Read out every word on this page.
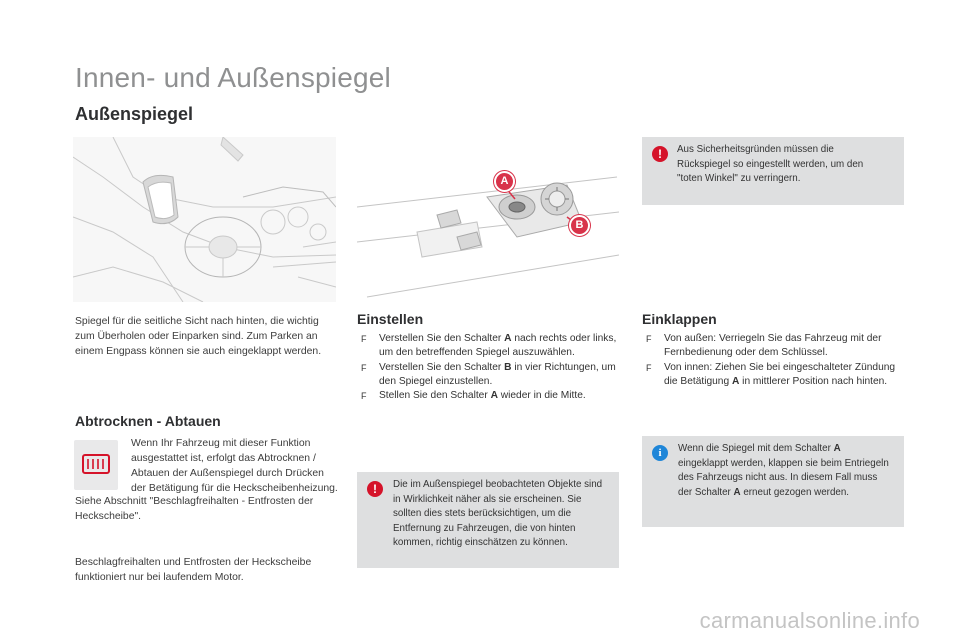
Innen- und Außenspiegel
Außenspiegel
A
B
!	Aus Sicherheitsgründen müssen die Rückspiegel so eingestellt werden, um den "toten Winkel" zu verringern.
Spiegel für die seitliche Sicht nach hinten, die wichtig zum Überholen oder Einparken sind. Zum Parken an einem Engpass können sie auch eingeklappt werden.
Abtrocknen - Abtauen
Wenn Ihr Fahrzeug mit dieser Funktion ausgestattet ist, erfolgt das Abtrocknen / Abtauen der Außenspiegel durch Drücken der Betätigung für die Heckscheibenheizung.
Siehe Abschnitt "Beschlagfreihalten - Entfrosten der Heckscheibe".
Beschlagfreihalten und Entfrosten der Heckscheibe funktioniert nur bei laufendem Motor.
Einstellen
F Verstellen Sie den Schalter A nach rechts oder links, um den betreffenden Spiegel auszuwählen.
F Verstellen Sie den Schalter B in vier Richtungen, um den Spiegel einzustellen.
F Stellen Sie den Schalter A wieder in die Mitte.
!	Die im Außenspiegel beobachteten Objekte sind in Wirklichkeit näher als sie erscheinen. Sie sollten dies stets berücksichtigen, um die Entfernung zu Fahrzeugen, die von hinten kommen, richtig einschätzen zu können.
Einklappen
F Von außen: Verriegeln Sie das Fahrzeug mit der Fernbedienung oder dem Schlüssel.
F Von innen: Ziehen Sie bei eingeschalteter Zündung die Betätigung A in mittlerer Position nach hinten.
i	Wenn die Spiegel mit dem Schalter A eingeklappt werden, klappen sie beim Entriegeln des Fahrzeugs nicht aus. In diesem Fall muss der Schalter A erneut gezogen werden.
carmanualsonline.info
